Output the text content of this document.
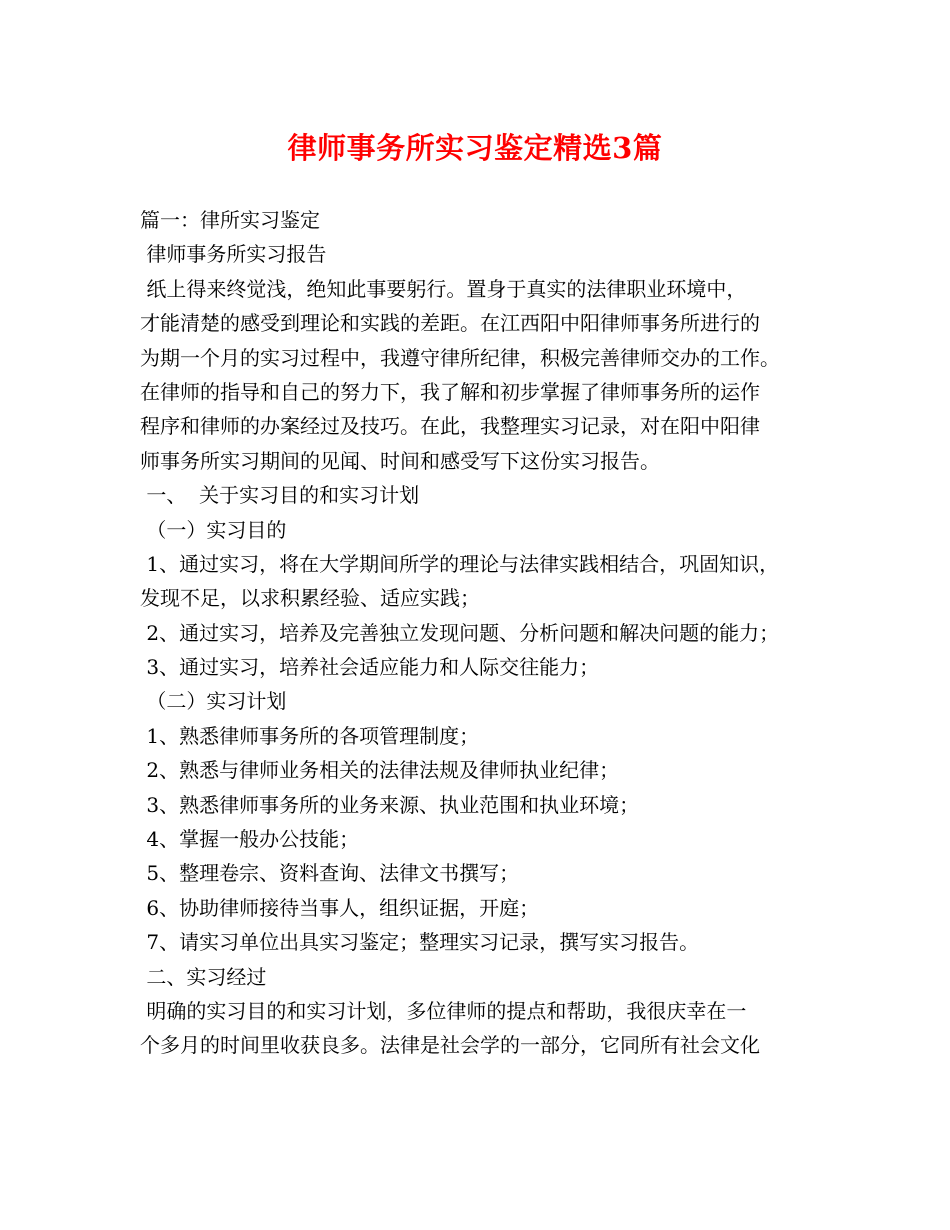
律师事务所实习鉴定精选3篇
篇一：律所实习鉴定
律师事务所实习报告
纸上得来终觉浅，绝知此事要躬行。置身于真实的法律职业环境中，
才能清楚的感受到理论和实践的差距。在江西阳中阳律师事务所进行的
为期一个月的实习过程中，我遵守律所纪律，积极完善律师交办的工作。
在律师的指导和自己的努力下，我了解和初步掌握了律师事务所的运作
程序和律师的办案经过及技巧。在此，我整理实习记录，对在阳中阳律
师事务所实习期间的见闻、时间和感受写下这份实习报告。
一、  关于实习目的和实习计划
（一）实习目的
1、通过实习，将在大学期间所学的理论与法律实践相结合，巩固知识，
发现不足，以求积累经验、适应实践；
2、通过实习，培养及完善独立发现问题、分析问题和解决问题的能力；
3、通过实习，培养社会适应能力和人际交往能力；
（二）实习计划
1、熟悉律师事务所的各项管理制度；
2、熟悉与律师业务相关的法律法规及律师执业纪律；
3、熟悉律师事务所的业务来源、执业范围和执业环境；
4、掌握一般办公技能；
5、整理卷宗、资料查询、法律文书撰写；
6、协助律师接待当事人，组织证据，开庭；
7、请实习单位出具实习鉴定；整理实习记录，撰写实习报告。
二、实习经过
明确的实习目的和实习计划，多位律师的提点和帮助，我很庆幸在一
个多月的时间里收获良多。法律是社会学的一部分，它同所有社会文化
